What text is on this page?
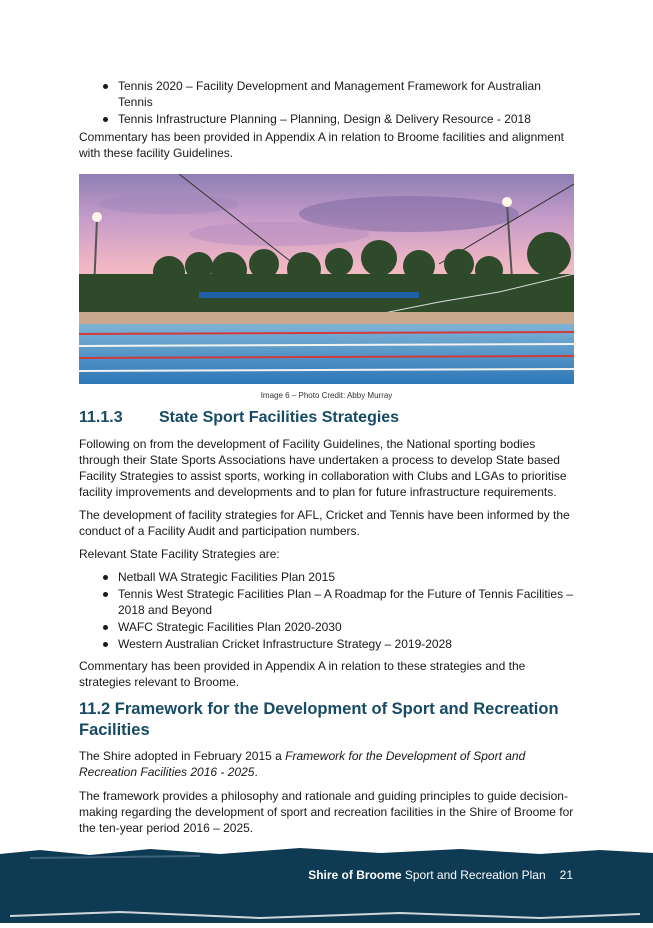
Tennis 2020 – Facility Development and Management Framework for Australian Tennis
Tennis Infrastructure Planning – Planning, Design & Delivery Resource - 2018

Commentary has been provided in Appendix A in relation to Broome facilities and alignment with these facility Guidelines.

Image 6 – Photo Credit: Abby Murray
11.1.3 State Sport Facilities Strategies

Following on from the development of Facility Guidelines, the National sporting bodies through their State Sports Associations have undertaken a process to develop State based Facility Strategies to assist sports, working in collaboration with Clubs and LGAs to prioritise facility improvements and developments and to plan for future infrastructure requirements.

The development of facility strategies for AFL, Cricket and Tennis have been informed by the conduct of a Facility Audit and participation numbers.

Relevant State Facility Strategies are:

Netball WA Strategic Facilities Plan 2015
Tennis West Strategic Facilities Plan – A Roadmap for the Future of Tennis Facilities – 2018 and Beyond
WAFC Strategic Facilities Plan 2020-2030
Western Australian Cricket Infrastructure Strategy – 2019-2028

Commentary has been provided in Appendix A in relation to these strategies and the strategies relevant to Broome.

11.2 Framework for the Development of Sport and Recreation Facilities

The Shire adopted in February 2015 a Framework for the Development of Sport and Recreation Facilities 2016 - 2025.

The framework provides a philosophy and rationale and guiding principles to guide decision-making regarding the development of sport and recreation facilities in the Shire of Broome for the ten-year period 2016 – 2025.

Shire of Broome Sport and Recreation Plan 21
